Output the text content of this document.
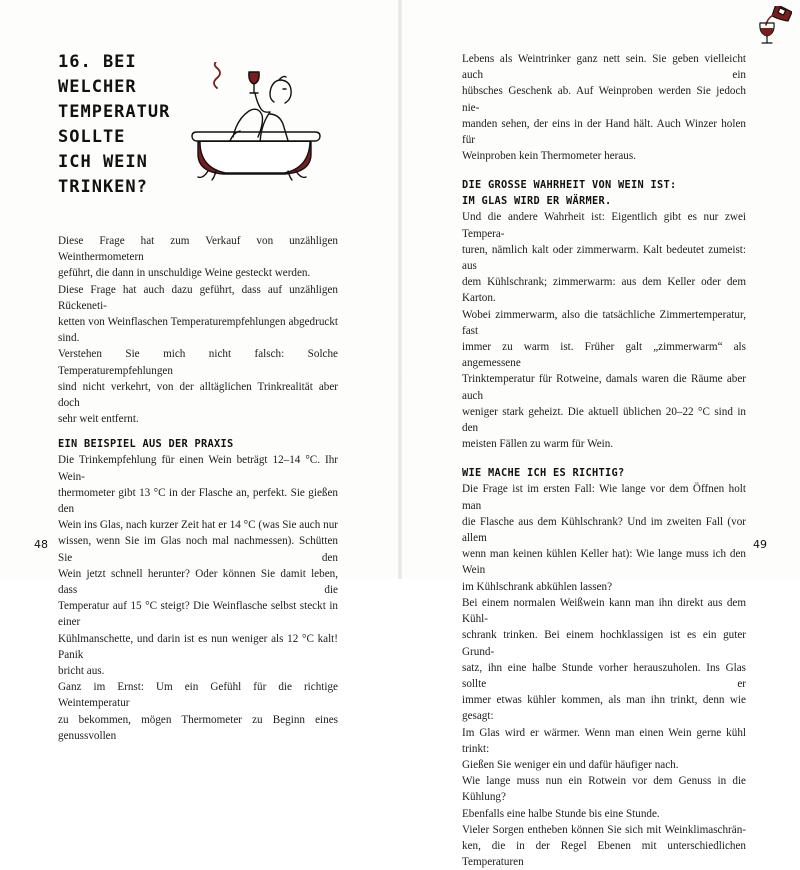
16. BEI
WELCHER
TEMPERATUR
SOLLTE
ICH WEIN
TRINKEN?

Diese Frage hat zum Verkauf von unzähligen Weinthermometern

geführt, die dann in unschuldige Weine gesteckt werden.

Diese Frage hat auch dazu geführt, dass auf unzähligen Rückeneti-

ketten von Weinflaschen Temperaturempfehlungen abgedruckt sind.

Verstehen Sie mich nicht falsch: Solche Temperaturempfehlungen

sind nicht verkehrt, von der alltäglichen Trinkrealität aber doch

sehr weit entfernt.

EIN BEISPIEL AUS DER PRAXIS

Die Trinkempfehlung für einen Wein beträgt 12–14 °C. Ihr Wein-

thermometer gibt 13 °C in der Flasche an, perfekt. Sie gießen den

Wein ins Glas, nach kurzer Zeit hat er 14 °C (was Sie auch nur

wissen, wenn Sie im Glas noch mal nachmessen). Schütten Sie den

Wein jetzt schnell herunter? Oder können Sie damit leben, dass die

Temperatur auf 15 °C steigt? Die Weinflasche selbst steckt in einer

Kühlmanschette, und darin ist es nun weniger als 12 °C kalt! Panik

bricht aus.

Ganz im Ernst: Um ein Gefühl für die richtige Weintemperatur

zu bekommen, mögen Thermometer zu Beginn eines genussvollen

48

Lebens als Weintrinker ganz nett sein. Sie geben vielleicht auch ein

hübsches Geschenk ab. Auf Weinproben werden Sie jedoch nie-

manden sehen, der eins in der Hand hält. Auch Winzer holen für

Weinproben kein Thermometer heraus.

DIE GROSSE WAHRHEIT VON WEIN IST:
IM GLAS WIRD ER WÄRMER.

Und die andere Wahrheit ist: Eigentlich gibt es nur zwei Tempera-

turen, nämlich kalt oder zimmerwarm. Kalt bedeutet zumeist: aus

dem Kühlschrank; zimmerwarm: aus dem Keller oder dem Karton.

Wobei zimmerwarm, also die tatsächliche Zimmertemperatur, fast

immer zu warm ist. Früher galt „zimmerwarm“ als angemessene

Trinktemperatur für Rotweine, damals waren die Räume aber auch

weniger stark geheizt. Die aktuell üblichen 20–22 °C sind in den

meisten Fällen zu warm für Wein.

WIE MACHE ICH ES RICHTIG?

Die Frage ist im ersten Fall: Wie lange vor dem Öffnen holt man

die Flasche aus dem Kühlschrank? Und im zweiten Fall (vor allem

wenn man keinen kühlen Keller hat): Wie lange muss ich den Wein

im Kühlschrank abkühlen lassen?

Bei einem normalen Weißwein kann man ihn direkt aus dem Kühl-

schrank trinken. Bei einem hochklassigen ist es ein guter Grund-

satz, ihn eine halbe Stunde vorher herauszuholen. Ins Glas sollte er

immer etwas kühler kommen, als man ihn trinkt, denn wie gesagt:

Im Glas wird er wärmer. Wenn man einen Wein gerne kühl trinkt:

Gießen Sie weniger ein und dafür häufiger nach.

Wie lange muss nun ein Rotwein vor dem Genuss in die Kühlung?

Ebenfalls eine halbe Stunde bis eine Stunde.

Vieler Sorgen entheben können Sie sich mit Weinklimaschrän-

ken, die in der Regel Ebenen mit unterschiedlichen Temperaturen

49
